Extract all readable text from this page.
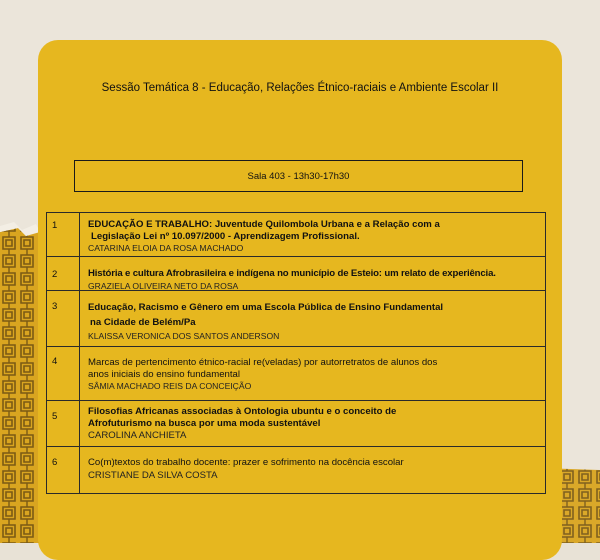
Sessão Temática 8 - Educação, Relações Étnico-raciais e Ambiente Escolar II
Sala 403 - 13h30-17h30
1	EDUCAÇÃO E TRABALHO: Juventude Quilombola Urbana e a Relação com a
Legislação Lei nº 10.097/2000 - Aprendizagem Profissional.
CATARINA ELOIA DA ROSA MACHADO
2	História e cultura Afrobrasileira e indígena no município de Esteio: um relato de experiência.
GRAZIELA OLIVEIRA NETO DA ROSA
3	Educação, Racismo e Gênero em uma Escola Pública de Ensino Fundamental
na Cidade de Belém/Pa
KLAISSA VERONICA DOS SANTOS ANDERSON
4	Marcas de pertencimento étnico-racial re(veladas) por autorretratos de alunos dos
anos iniciais do ensino fundamental
SÂMIA MACHADO REIS DA CONCEIÇÃO
5	Filosofias Africanas associadas à Ontologia ubuntu e o conceito de
Afrofuturismo na busca por uma moda sustentável
CAROLINA ANCHIETA
6	Co(m)textos do trabalho docente: prazer e sofrimento na docência escolar
CRISTIANE DA SILVA COSTA
